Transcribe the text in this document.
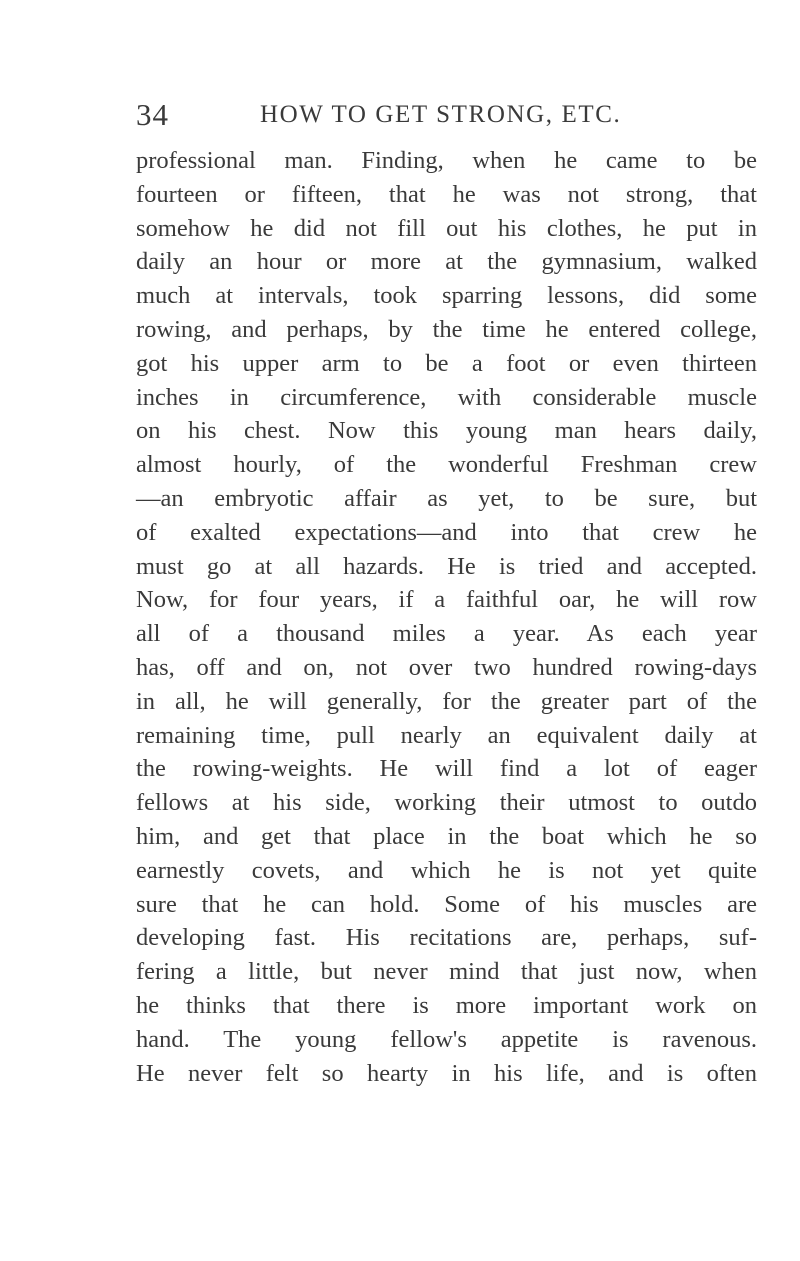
34	HOW TO GET STRONG, ETC.
professional man. Finding, when he came to be
fourteen or fifteen, that he was not strong, that
somehow he did not fill out his clothes, he put in
daily an hour or more at the gymnasium, walked
much at intervals, took sparring lessons, did some
rowing, and perhaps, by the time he entered college,
got his upper arm to be a foot or even thirteen
inches in circumference, with considerable muscle
on his chest. Now this young man hears daily,
almost hourly, of the wonderful Freshman crew
—an embryotic affair as yet, to be sure, but
of exalted expectations—and into that crew he
must go at all hazards. He is tried and accepted.
Now, for four years, if a faithful oar, he will row
all of a thousand miles a year. As each year
has, off and on, not over two hundred rowing-days
in all, he will generally, for the greater part of the
remaining time, pull nearly an equivalent daily at
the rowing-weights. He will find a lot of eager
fellows at his side, working their utmost to outdo
him, and get that place in the boat which he so
earnestly covets, and which he is not yet quite
sure that he can hold. Some of his muscles are
developing fast. His recitations are, perhaps, suf-
fering a little, but never mind that just now, when
he thinks that there is more important work on
hand. The young fellow's appetite is ravenous.
He never felt so hearty in his life, and is often
